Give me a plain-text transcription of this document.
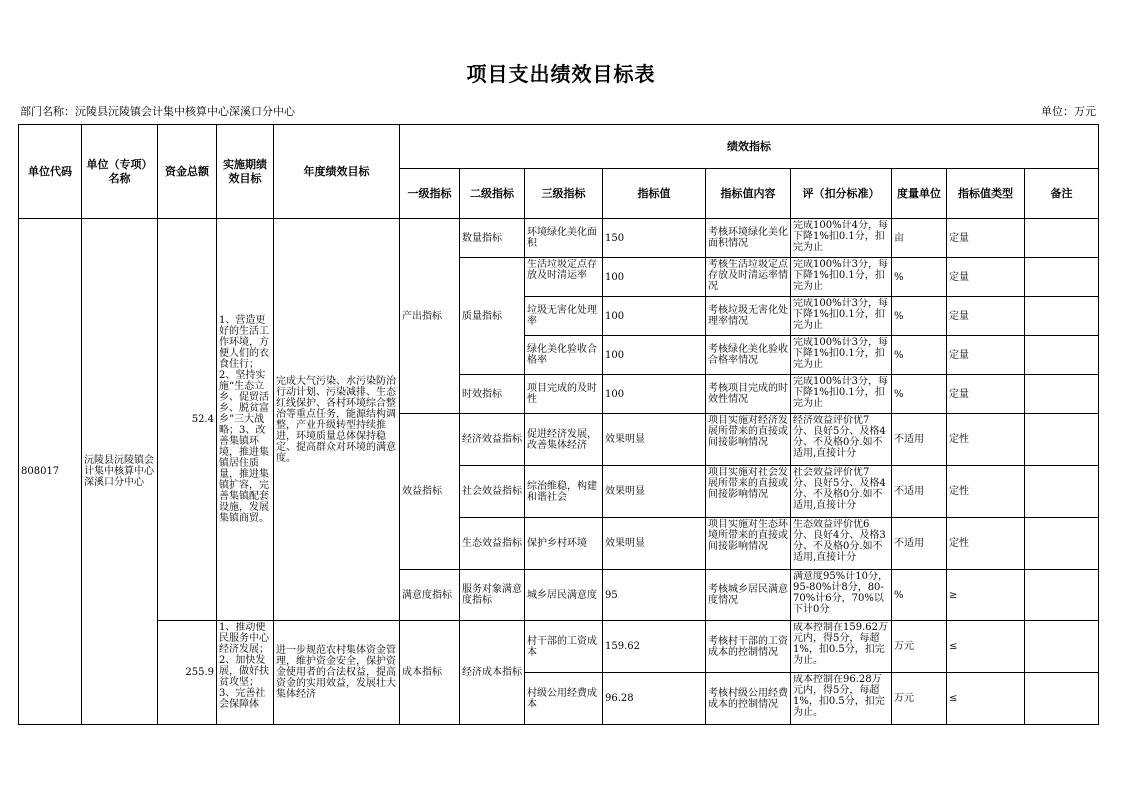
项目支出绩效目标表
部门名称：沅陵县沅陵镇会计集中核算中心深溪口分中心	单位：万元
单位代码	单位（专项）名称	资金总额	实施期绩效目标	年度绩效目标	绩效指标								
					一级指标	二级指标	三级指标	指标值	指标值内容	评（扣分标准）	度量单位	指标值类型	备注
808017	沅陵县沅陵镇会计集中核算中心深溪口分中心	52.4	1、营造更好的生活工作环境，方便人们的衣食住行；2、坚持实施“生态立乡、促贸活乡、脱贫富乡”三大战略；3、改善集镇环境，推进集镇居住质量，推进集镇扩容，完善集镇配套设施，发展集镇商贸。	完成大气污染、水污染防治行动计划、污染减排、生态红线保护、各村环境综合整治等重点任务，能源结构调整，产业升级转型持续推进，环境质量总体保持稳定、提高群众对环境的满意度。	产出指标	数量指标	环境绿化美化面积	150	考核环境绿化美化面积情况	完成100%计4分，每下降1%扣0.1分，扣完为止	亩	定量	
						质量指标	生活垃圾定点存放及时清运率	100	考核生活垃圾定点存放及时清运率情况	完成100%计3分，每下降1%扣0.1分，扣完为止	%	定量	
							垃圾无害化处理率	100	考核垃圾无害化处理率情况	完成100%计3分，每下降1%扣0.1分，扣完为止	%	定量	
							绿化美化验收合格率	100	考核绿化美化验收合格率情况	完成100%计3分，每下降1%扣0.1分，扣完为止	%	定量	
						时效指标	项目完成的及时性	100	考核项目完成的时效性情况	完成100%计3分，每下降1%扣0.1分，扣完为止	%	定量	
					效益指标	经济效益指标	促进经济发展，改善集体经济	效果明显	项目实施对经济发展所带来的直接或间接影响情况	经济效益评价优7分、良好5分、及格4分、不及格0分.如不适用,直接计分	不适用	定性	
						社会效益指标	综治维稳，构建和谐社会	效果明显	项目实施对社会发展所带来的直接或间接影响情况	社会效益评价优7分、良好5分、及格4分、不及格0分.如不适用,直接计分	不适用	定性	
						生态效益指标	保护乡村环境	效果明显	项目实施对生态环境所带来的直接或间接影响情况	生态效益评价优6分、良好4分、及格3分、不及格0分.如不适用,直接计分	不适用	定性	
					满意度指标	服务对象满意度指标	城乡居民满意度	95	考核城乡居民满意度情况	满意度95%计10分，95-80%计8分，80-70%计6分，70%以下计0分	%	≥	
		255.9	1、推动便民服务中心经济发展；2、加快发展，做好扶贫攻坚；3、完善社会保障体	进一步规范农村集体资金管理，维护资金安全，保护资金使用者的合法权益，提高资金的实用效益，发展壮大集体经济	成本指标	经济成本指标	村干部的工资成本	159.62	考核村干部的工资成本的控制情况	成本控制在159.62万元内，得5分，每超1%，扣0.5分，扣完为止。	万元	≤	
							村级公用经费成本	96.28	考核村级公用经费成本的控制情况	成本控制在96.28万元内，得5分，每超1%，扣0.5分，扣完为止。	万元	≤	
